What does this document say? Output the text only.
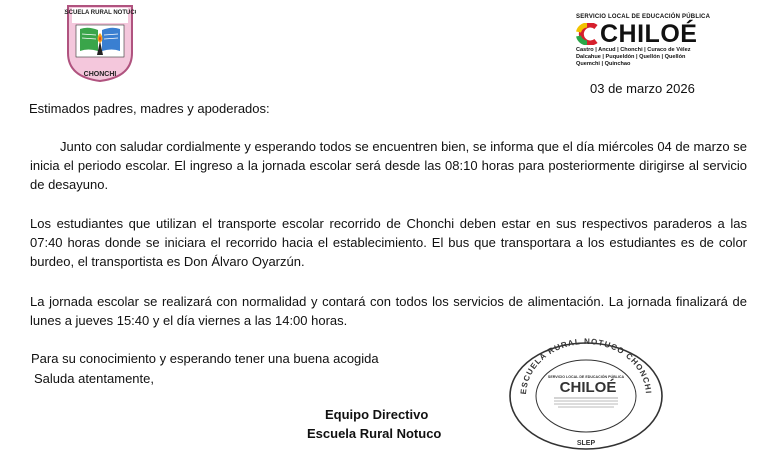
ESCUELA RURAL NOTUCO
CHONCHI
SERVICIO LOCAL DE EDUCACIÓN PÚBLICA
CHILOÉ
Castro | Ancud | Chonchi | Curaco de Vélez
Dalcahue | Puqueldón | Quellón | Quellón
Quemchi | Quinchao
03 de marzo 2026
Estimados padres, madres y apoderados:
Junto con saludar cordialmente y esperando todos se encuentren bien, se informa que el día miércoles 04 de marzo se inicia el periodo escolar. El ingreso a la jornada escolar será desde las 08:10 horas para posteriormente dirigirse al servicio de desayuno.
Los estudiantes que utilizan el transporte escolar recorrido de Chonchi deben estar en sus respectivos paraderos a las 07:40 horas donde se iniciara el recorrido hacia el establecimiento. El bus que transportara a los estudiantes es de color burdeo, el transportista es Don Álvaro Oyarzún.
La jornada escolar se realizará con normalidad y contará con todos los servicios de alimentación. La jornada finalizará de lunes a jueves 15:40 y el día viernes a las 14:00 horas.
Para su conocimiento y esperando tener una buena acogida
Saluda atentamente,
Equipo Directivo
Escuela Rural Notuco
ESCUELA RURAL NOTUCO CHONCHI
SERVICIO LOCAL DE EDUCACIÓN PÚBLICA
CHILOÉ
SLEP
